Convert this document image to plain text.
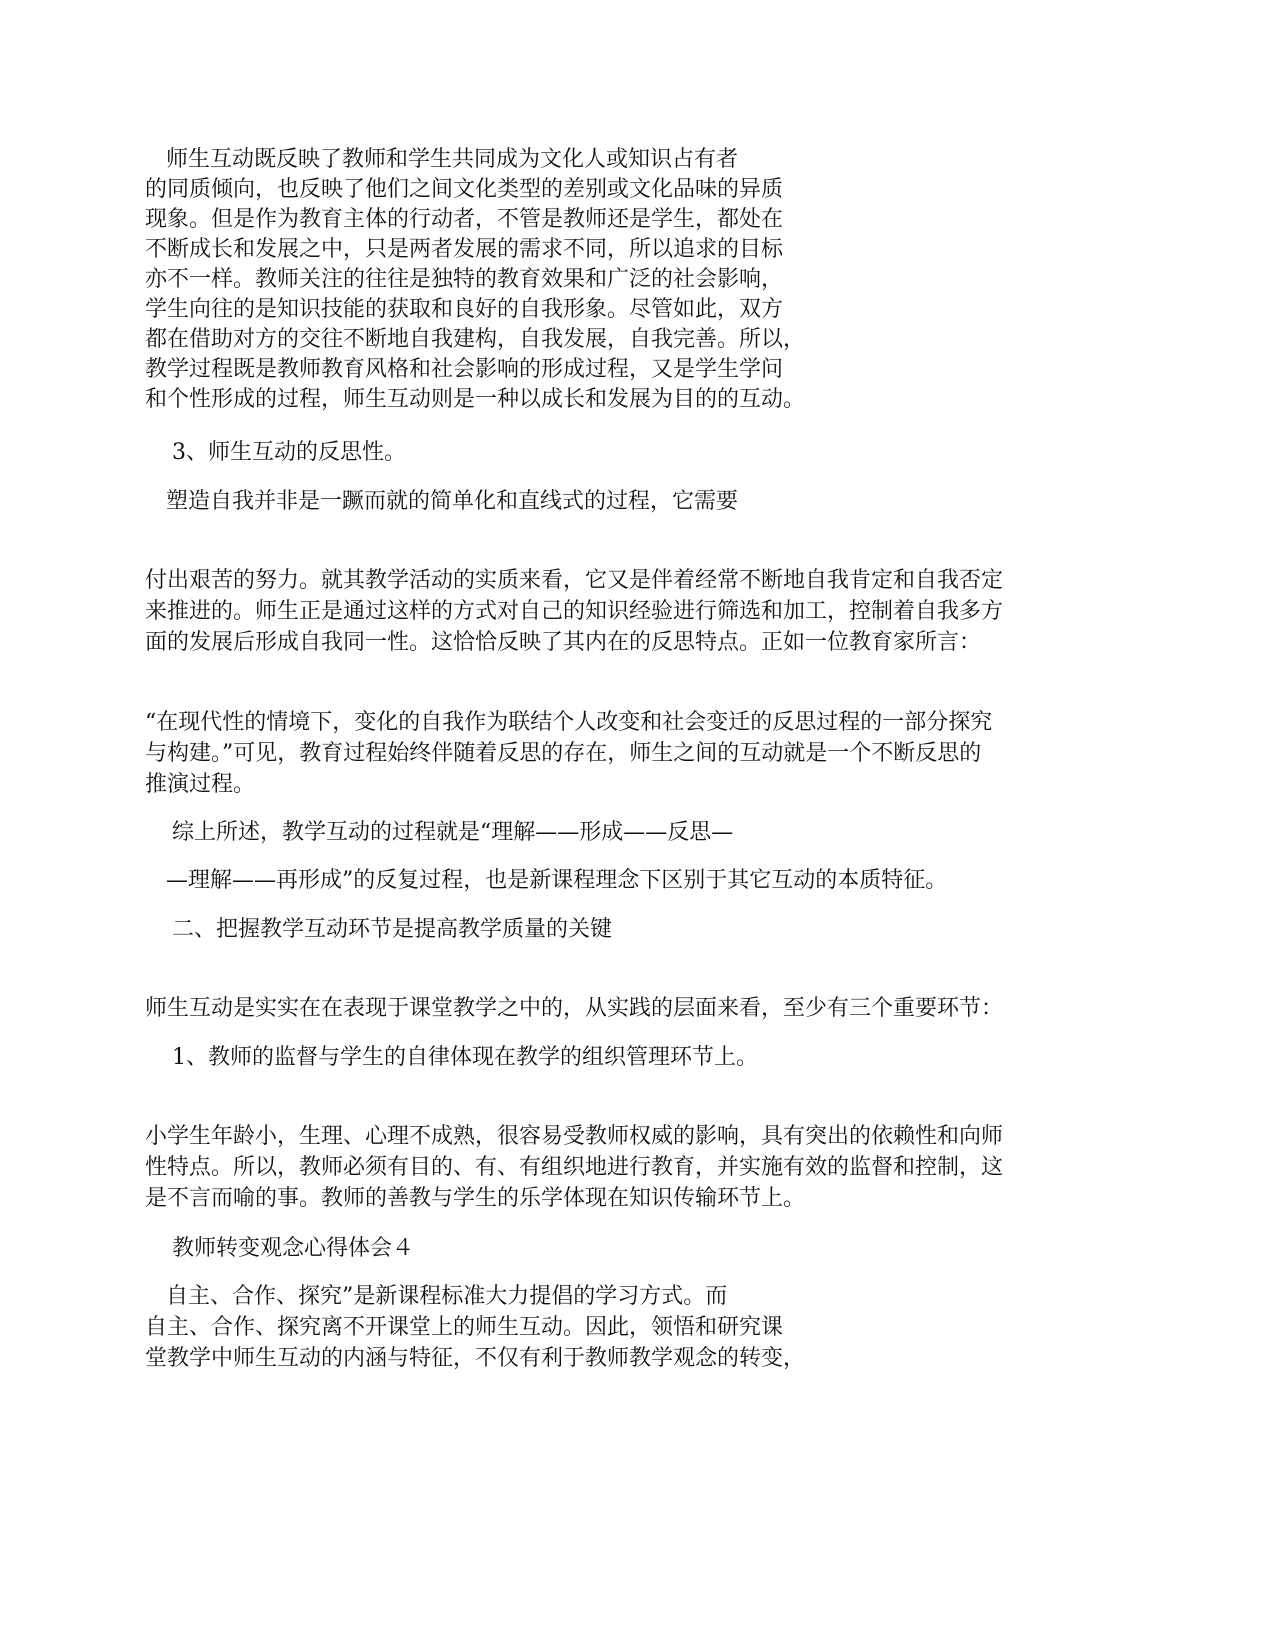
师生互动既反映了教师和学生共同成为文化人或知识占有者
的同质倾向，也反映了他们之间文化类型的差别或文化品味的异质
现象。但是作为教育主体的行动者，不管是教师还是学生，都处在
不断成长和发展之中，只是两者发展的需求不同，所以追求的目标
亦不一样。教师关注的往往是独特的教育效果和广泛的社会影响，
学生向往的是知识技能的获取和良好的自我形象。尽管如此，双方
都在借助对方的交往不断地自我建构，自我发展，自我完善。所以，
教学过程既是教师教育风格和社会影响的形成过程，又是学生学问
和个性形成的过程，师生互动则是一种以成长和发展为目的的互动。
3、师生互动的反思性。
塑造自我并非是一蹶而就的简单化和直线式的过程，它需要
付出艰苦的努力。就其教学活动的实质来看，它又是伴着经常不断地自我肯定和自我否定
来推进的。师生正是通过这样的方式对自己的知识经验进行筛选和加工，控制着自我多方
面的发展后形成自我同一性。这恰恰反映了其内在的反思特点。正如一位教育家所言：
“在现代性的情境下，变化的自我作为联结个人改变和社会变迁的反思过程的一部分探究
与构建。”可见，教育过程始终伴随着反思的存在，师生之间的互动就是一个不断反思的
推演过程。
综上所述，教学互动的过程就是“理解——形成——反思—
—理解——再形成”的反复过程，也是新课程理念下区别于其它互动的本质特征。
二、把握教学互动环节是提高教学质量的关键
师生互动是实实在在表现于课堂教学之中的，从实践的层面来看，至少有三个重要环节：
1、教师的监督与学生的自律体现在教学的组织管理环节上。
小学生年龄小，生理、心理不成熟，很容易受教师权威的影响，具有突出的依赖性和向师
性特点。所以，教师必须有目的、有、有组织地进行教育，并实施有效的监督和控制，这
是不言而喻的事。教师的善教与学生的乐学体现在知识传输环节上。
教师转变观念心得体会４
自主、合作、探究”是新课程标准大力提倡的学习方式。而
自主、合作、探究离不开课堂上的师生互动。因此，领悟和研究课
堂教学中师生互动的内涵与特征，不仅有利于教师教学观念的转变，
